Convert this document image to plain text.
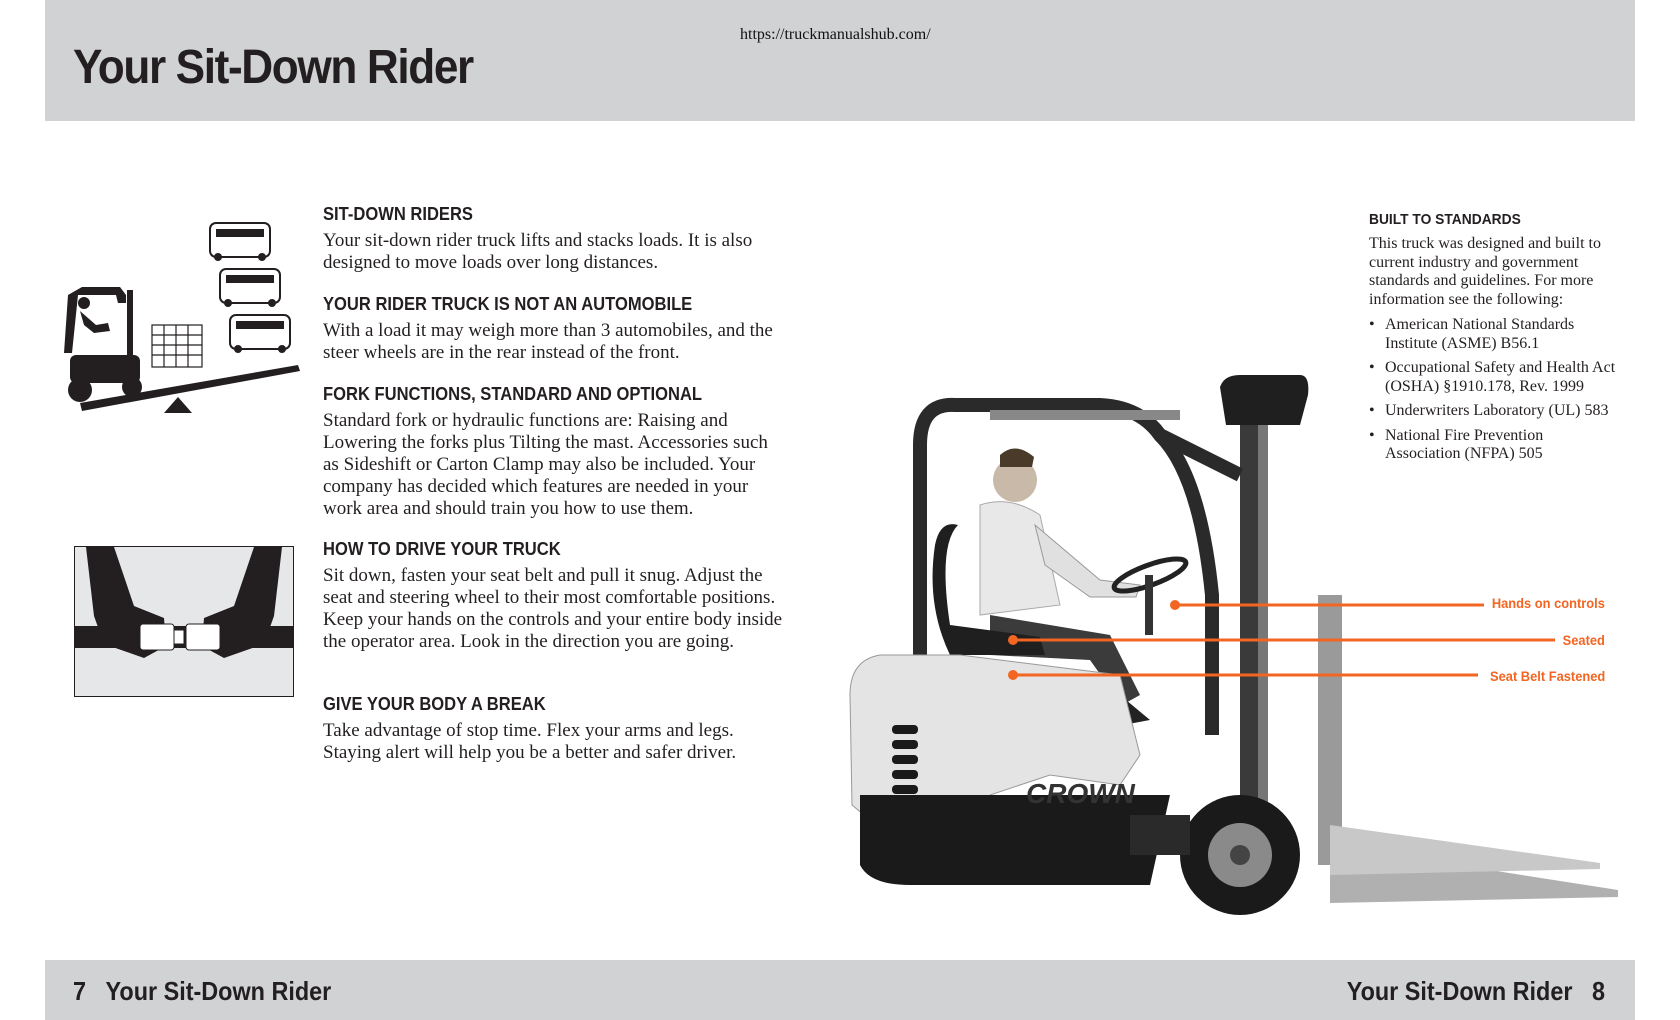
https://truckmanualshub.com/
Your Sit-Down Rider
SIT-DOWN RIDERS
Your sit-down rider truck lifts and stacks loads. It is also designed to move loads over long distances.
YOUR RIDER TRUCK IS NOT AN AUTOMOBILE
With a load it may weigh more than 3 automobiles, and the steer wheels are in the rear instead of the front.
FORK FUNCTIONS, STANDARD AND OPTIONAL
Standard fork or hydraulic functions are: Raising and Lowering the forks plus Tilting the mast. Accessories such as Sideshift or Carton Clamp may also be included. Your company has decided which features are needed in your work area and should train you how to use them.
HOW TO DRIVE YOUR TRUCK
Sit down, fasten your seat belt and pull it snug. Adjust the seat and steering wheel to their most comfortable positions. Keep your hands on the controls and your entire body inside the operator area. Look in the direction you are going.
GIVE YOUR BODY A BREAK
Take advantage of stop time. Flex your arms and legs. Staying alert will help you be a better and safer driver.
CROWN
Hands on controls
Seated
Seat Belt Fastened
BUILT TO STANDARDS
This truck was designed and built to current industry and government standards and guidelines. For more information see the following:
• American National Standards Institute (ASME) B56.1
• Occupational Safety and Health Act (OSHA) §1910.178, Rev. 1999
• Underwriters Laboratory (UL) 583
• National Fire Prevention Association (NFPA) 505
7 Your Sit-Down Rider	Your Sit-Down Rider 8
